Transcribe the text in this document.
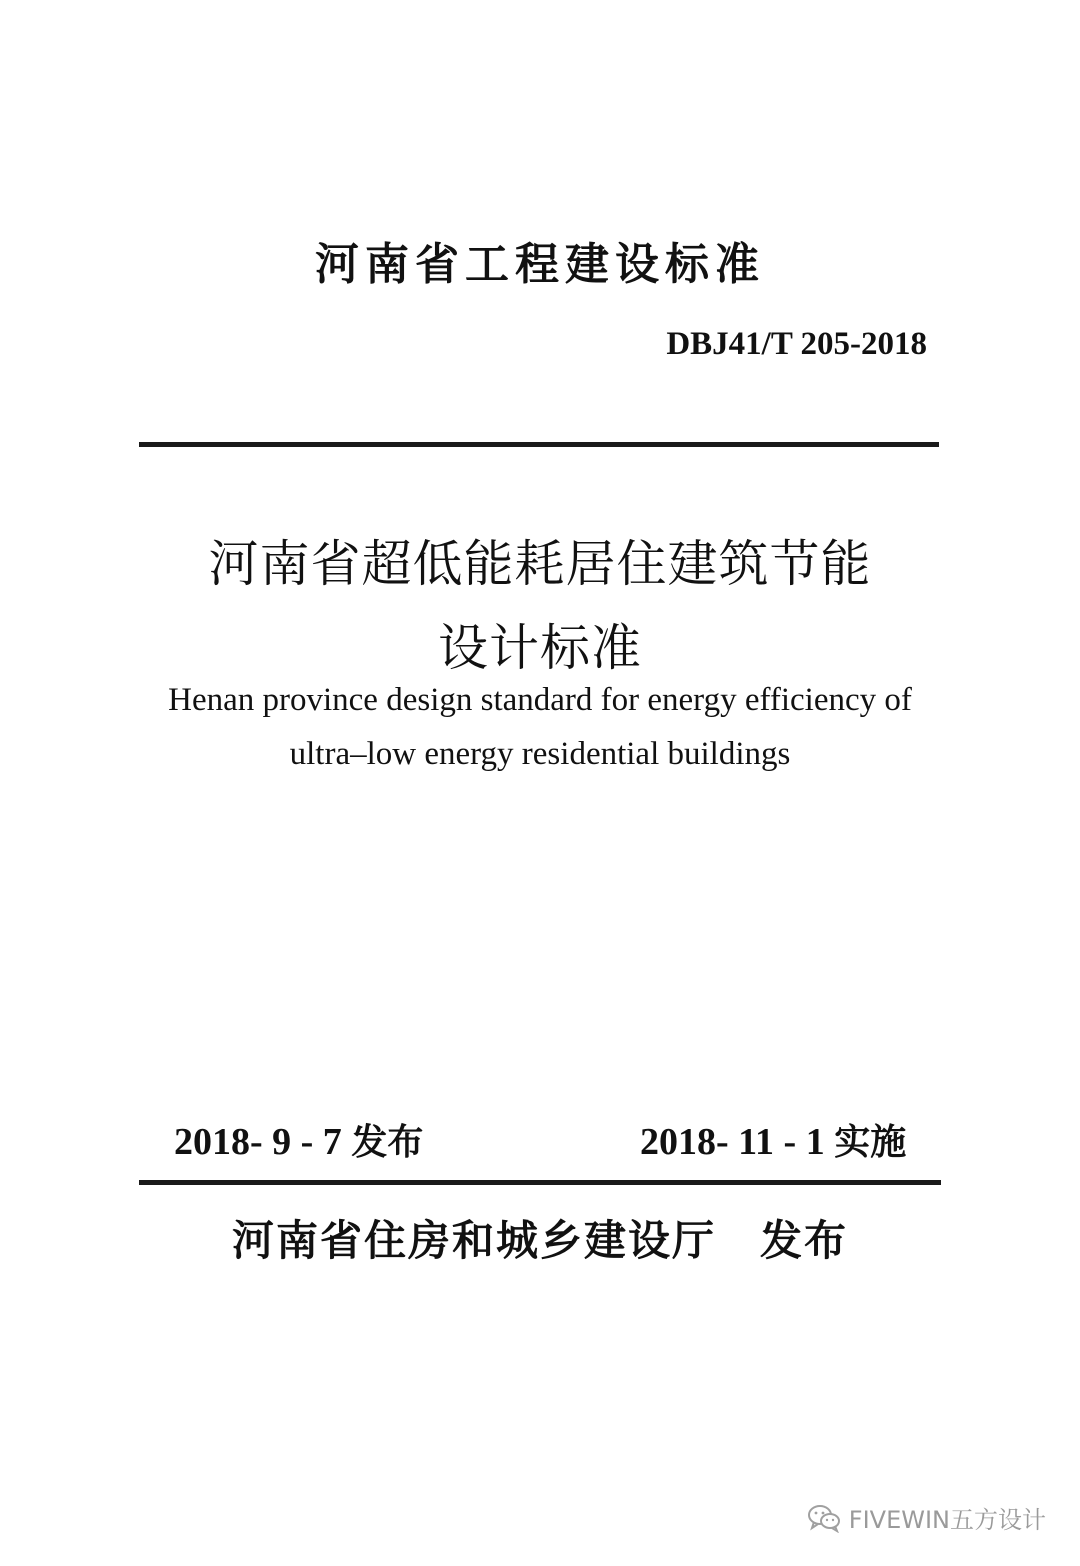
河南省工程建设标准
DBJ41/T 205-2018
河南省超低能耗居住建筑节能
设计标准
Henan province design standard for energy efficiency of
ultra–low energy residential buildings
2018- 9 - 7 发布	2018- 11 - 1 实施
河南省住房和城乡建设厅　发布
FIVEWIN五方设计
